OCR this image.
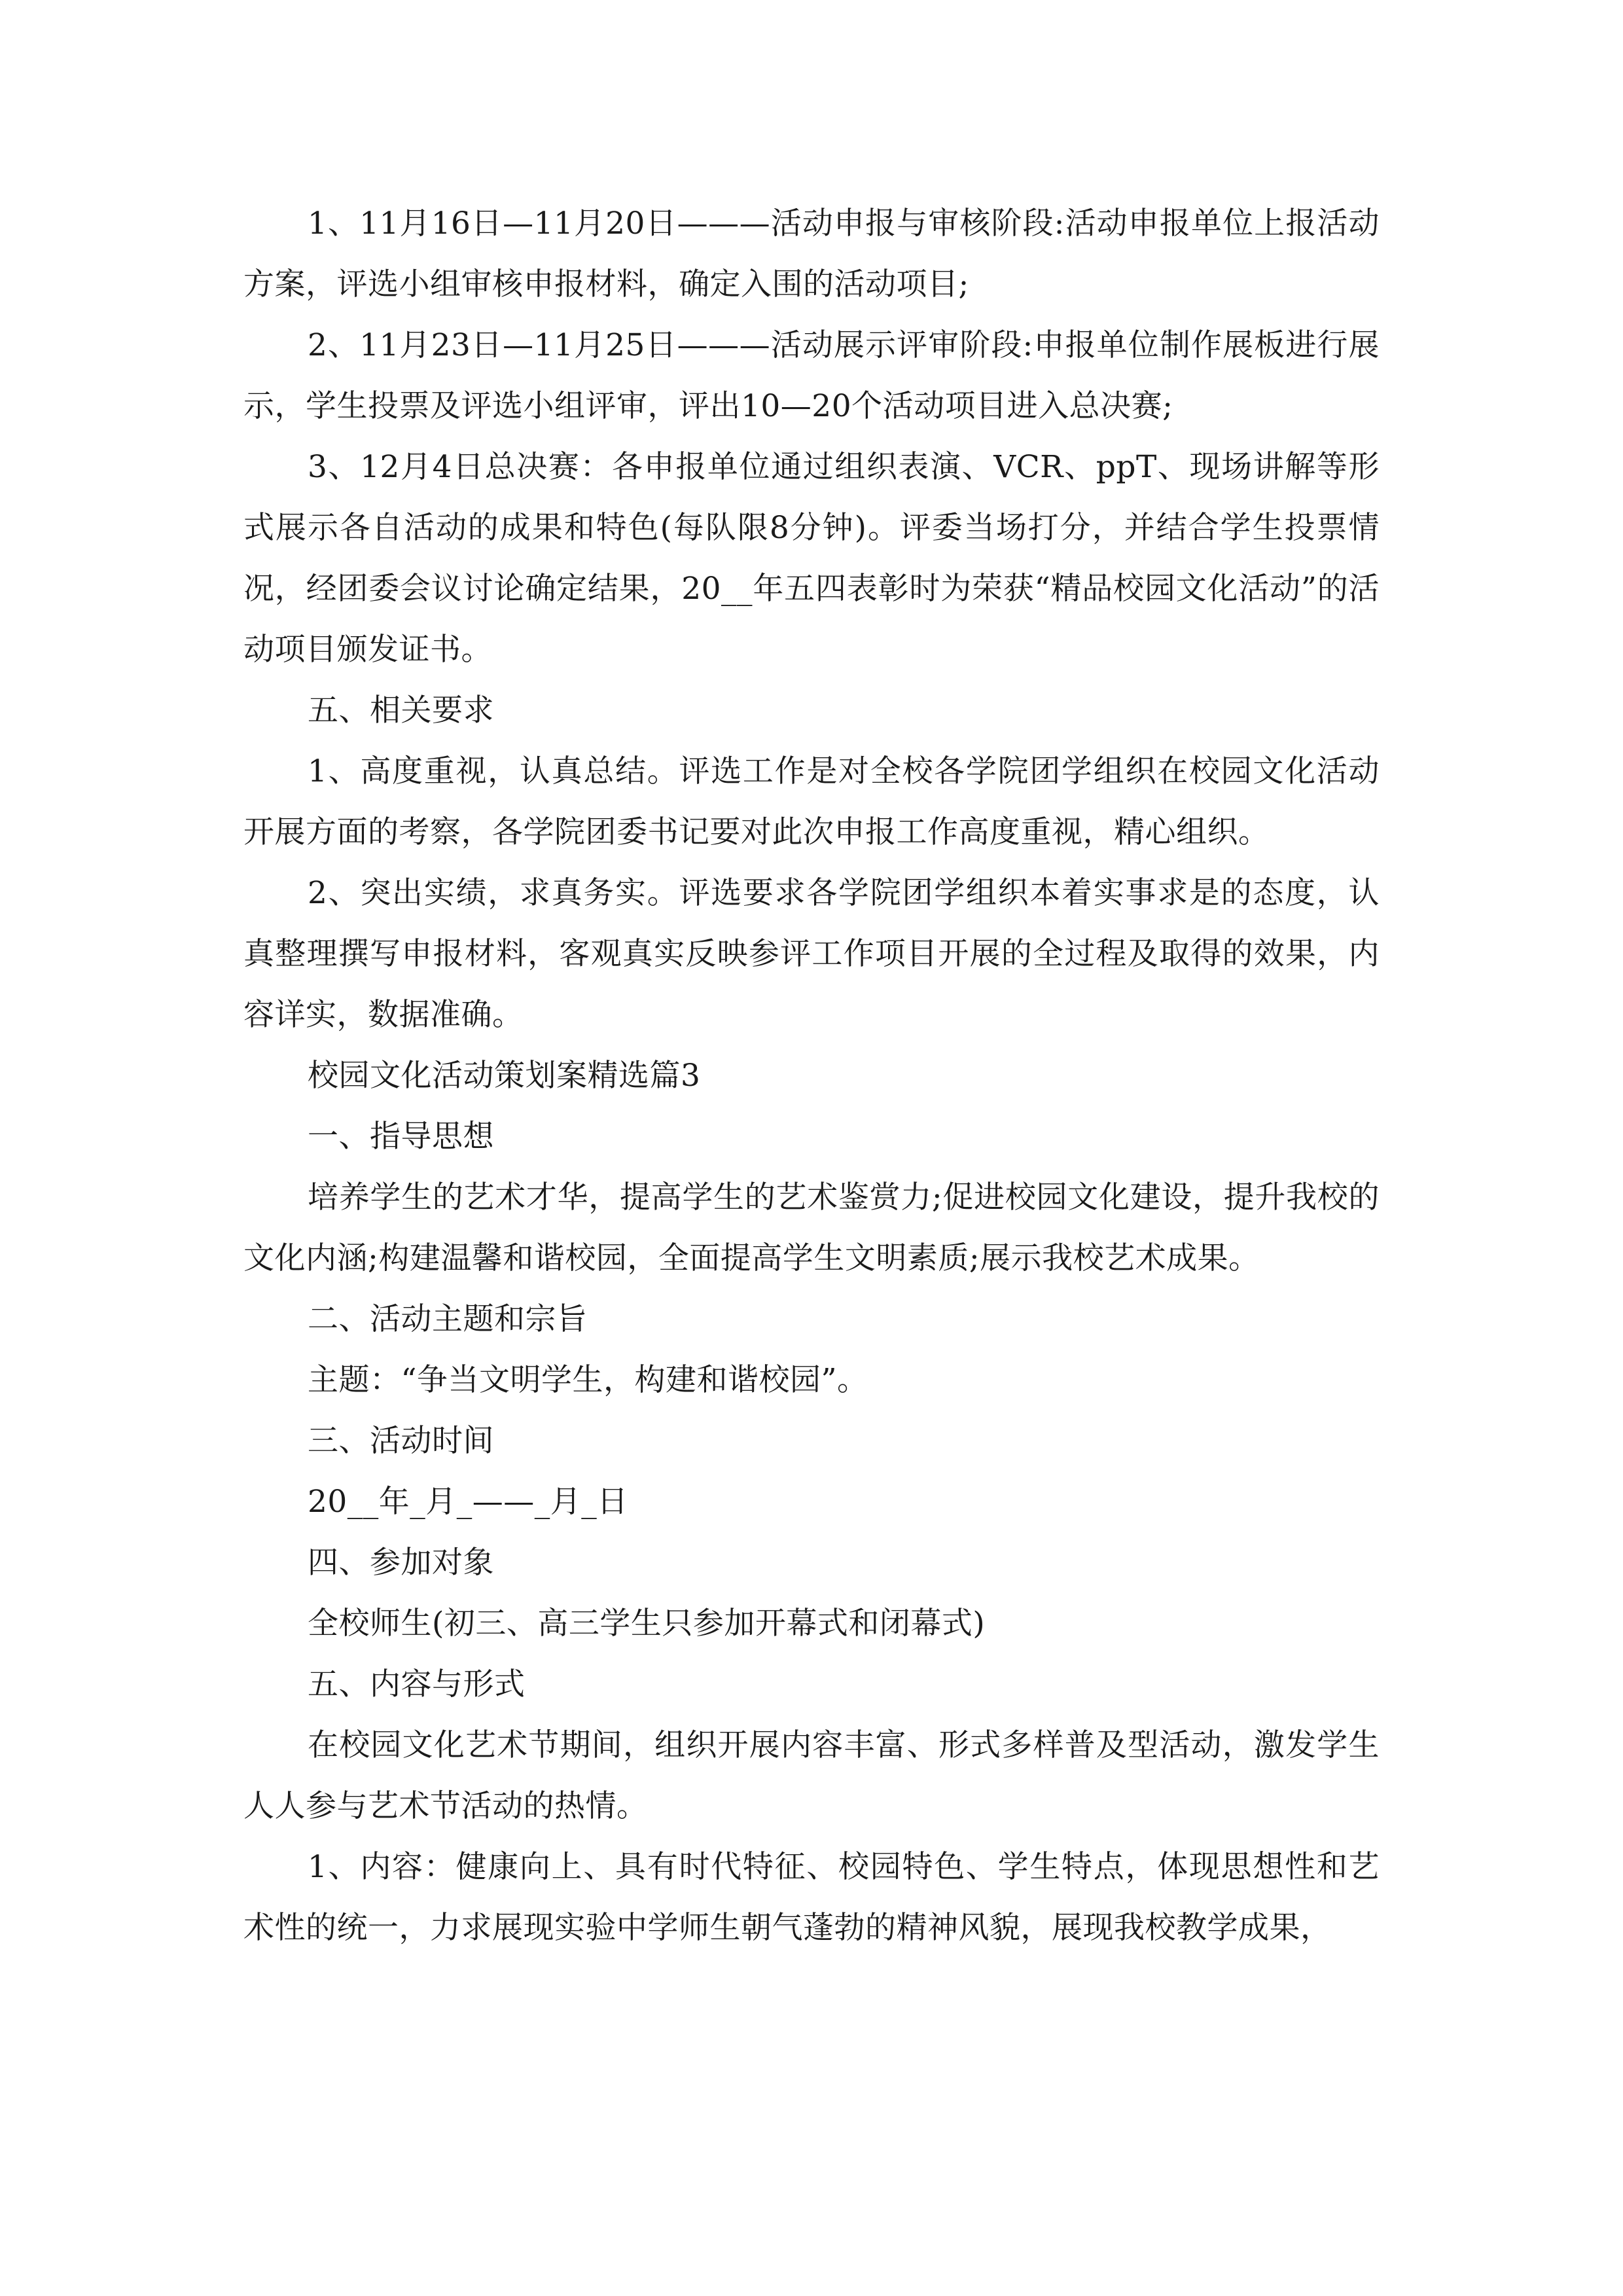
1、11月16日—11月20日———活动申报与审核阶段:活动申报单位上报活动方案，评选小组审核申报材料，确定入围的活动项目;

2、11月23日—11月25日———活动展示评审阶段:申报单位制作展板进行展示，学生投票及评选小组评审，评出10—20个活动项目进入总决赛;

3、12月4日总决赛：各申报单位通过组织表演、VCR、ppT、现场讲解等形式展示各自活动的成果和特色(每队限8分钟)。评委当场打分，并结合学生投票情况，经团委会议讨论确定结果，20__年五四表彰时为荣获“精品校园文化活动”的活动项目颁发证书。

五、相关要求

1、高度重视，认真总结。评选工作是对全校各学院团学组织在校园文化活动开展方面的考察，各学院团委书记要对此次申报工作高度重视，精心组织。

2、突出实绩，求真务实。评选要求各学院团学组织本着实事求是的态度，认真整理撰写申报材料，客观真实反映参评工作项目开展的全过程及取得的效果，内容详实，数据准确。

校园文化活动策划案精选篇3

一、指导思想

培养学生的艺术才华，提高学生的艺术鉴赏力;促进校园文化建设，提升我校的文化内涵;构建温馨和谐校园，全面提高学生文明素质;展示我校艺术成果。

二、活动主题和宗旨

主题：“争当文明学生，构建和谐校园”。

三、活动时间

20__年_月_——_月_日

四、参加对象

全校师生(初三、高三学生只参加开幕式和闭幕式)

五、内容与形式

在校园文化艺术节期间，组织开展内容丰富、形式多样普及型活动，激发学生人人参与艺术节活动的热情。

1、内容：健康向上、具有时代特征、校园特色、学生特点，体现思想性和艺术性的统一，力求展现实验中学师生朝气蓬勃的精神风貌，展现我校教学成果，
